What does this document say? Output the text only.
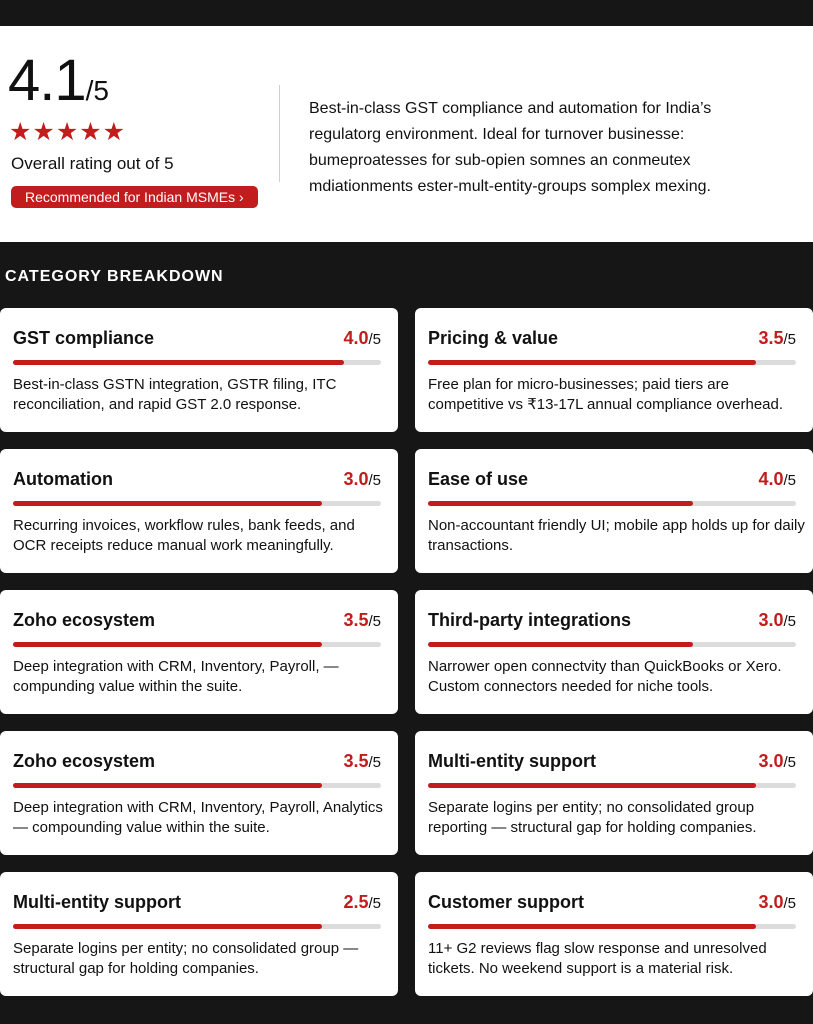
4.1/5
★★★★★
Overall rating out of 5
Recommended for Indian MSMEs ›
Best-in-class GST compliance and automation for India’s
regulatorg environment. Ideal for turnover businesse:
bumeproatesses for sub-opien somnes an conmeutex
mdiationments ester-mult-entity-groups somplex mexing.
CATEGORY BREAKDOWN
GST compliance	4.0/5
Best-in-class GSTN integration, GSTR filing, ITC reconciliation, and rapid GST 2.0 response.
Pricing & value	3.5/5
Free plan for micro-businesses; paid tiers are competitive vs ₹13-17L annual compliance overhead.
Automation	3.0/5
Recurring invoices, workflow rules, bank feeds, and OCR receipts reduce manual work meaningfully.
Ease of use	4.0/5
Non-accountant friendly UI; mobile app holds up for daily transactions.
Zoho ecosystem	3.5/5
Deep integration with CRM, Inventory, Payroll, — compunding value within the suite.
Third-party integrations	3.0/5
Narrower open connectvity than QuickBooks or Xero. Custom connectors needed for niche tools.
Zoho ecosystem	3.5/5
Deep integration with CRM, Inventory, Payroll, Analytics — compounding value within the suite.
Multi-entity support	3.0/5
Separate logins per entity; no consolidated group reporting — structural gap for holding companies.
Multi-entity support	2.5/5
Separate logins per entity; no consolidated group — structural gap for holding companies.
Customer support	3.0/5
11+ G2 reviews flag slow response and unresolved tickets. No weekend support is a material risk.
